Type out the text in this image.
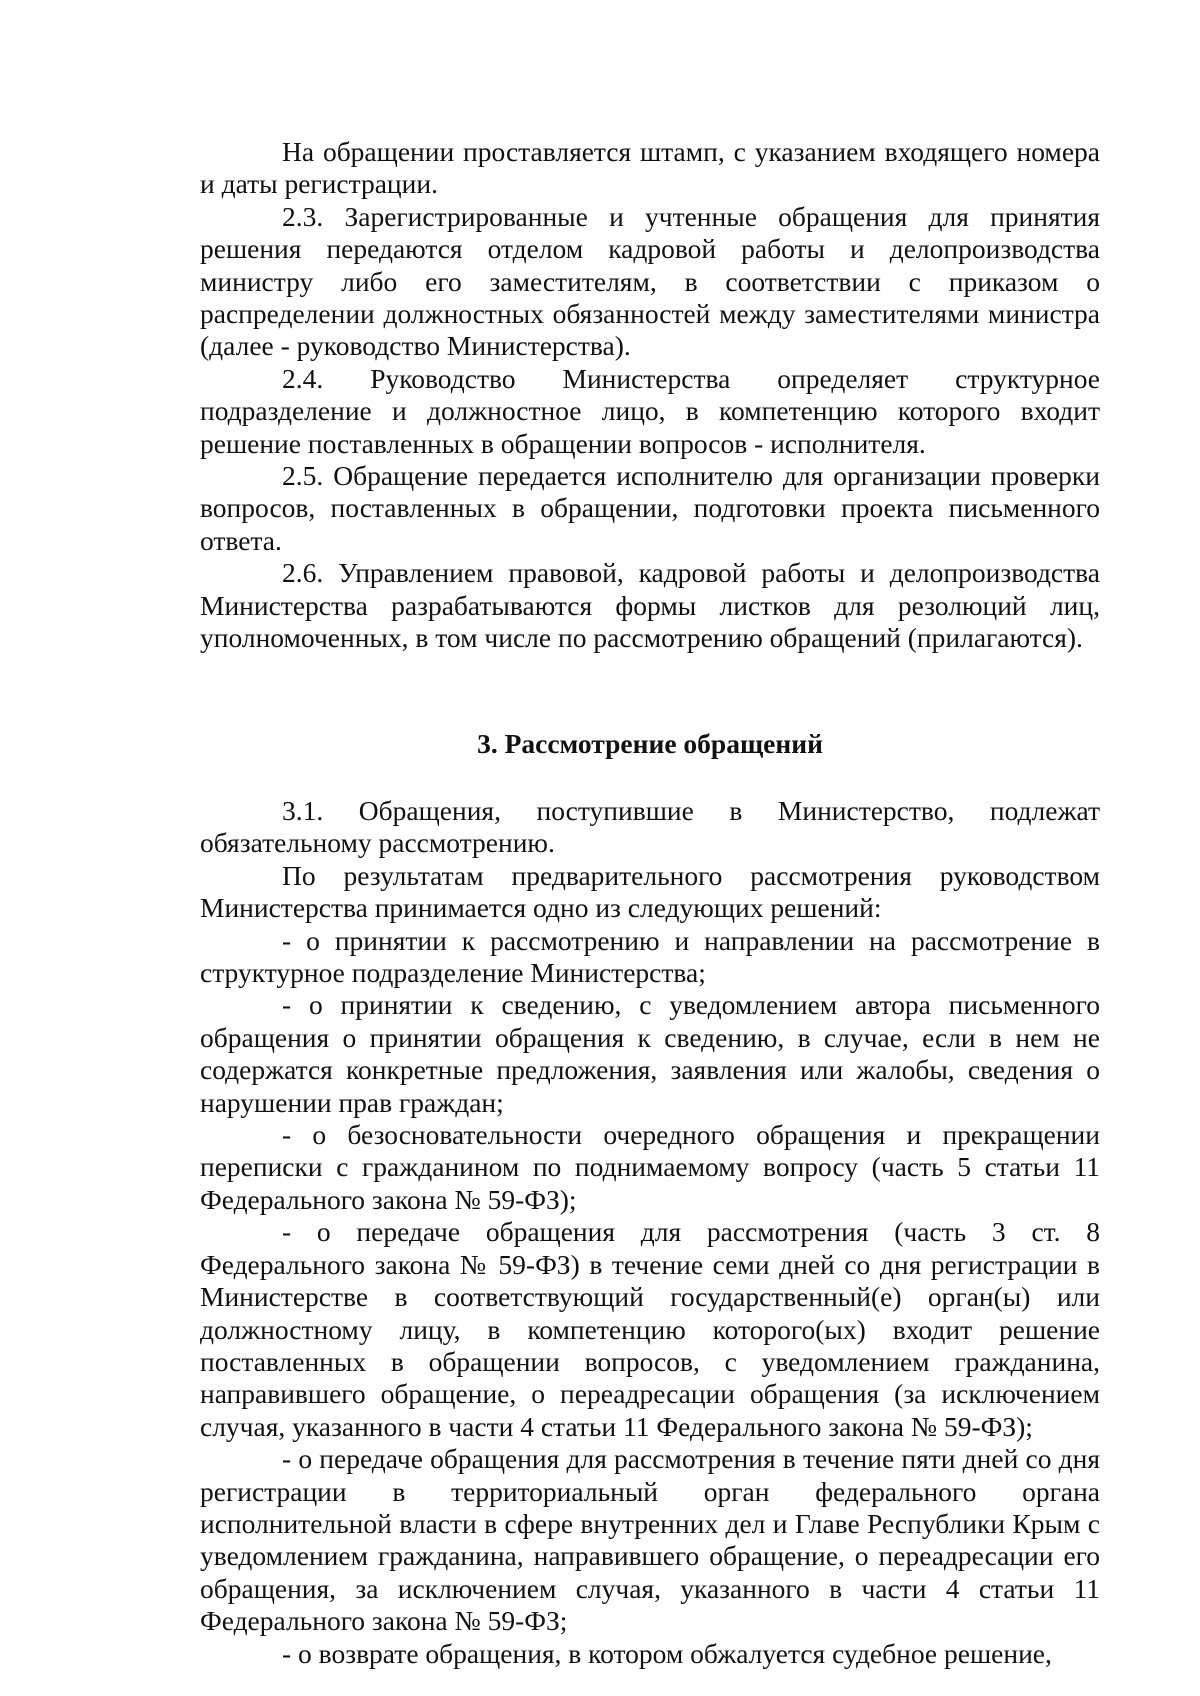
На обращении проставляется штамп, с указанием входящего номера и даты регистрации.

2.3. Зарегистрированные и учтенные обращения для принятия решения передаются отделом кадровой работы и делопроизводства министру либо его заместителям, в соответствии с приказом о распределении должностных обязанностей между заместителями министра (далее - руководство Министерства).

2.4. Руководство Министерства определяет структурное подразделение и должностное лицо, в компетенцию которого входит решение поставленных в обращении вопросов - исполнителя.

2.5. Обращение передается исполнителю для организации проверки вопросов, поставленных в обращении, подготовки проекта письменного ответа.

2.6. Управлением правовой, кадровой работы и делопроизводства Министерства разрабатываются формы листков для резолюций лиц, уполномоченных, в том числе по рассмотрению обращений (прилагаются).

3. Рассмотрение обращений

3.1. Обращения, поступившие в Министерство, подлежат обязательному рассмотрению.

По результатам предварительного рассмотрения руководством Министерства принимается одно из следующих решений:

- о принятии к рассмотрению и направлении на рассмотрение в структурное подразделение Министерства;

- о принятии к сведению, с уведомлением автора письменного обращения о принятии обращения к сведению, в случае, если в нем не содержатся конкретные предложения, заявления или жалобы, сведения о нарушении прав граждан;

- о безосновательности очередного обращения и прекращении переписки с гражданином по поднимаемому вопросу (часть 5 статьи 11 Федерального закона № 59-ФЗ);

- о передаче обращения для рассмотрения (часть 3 ст. 8 Федерального закона № 59-ФЗ) в течение семи дней со дня регистрации в Министерстве в соответствующий государственный(е) орган(ы) или должностному лицу, в компетенцию которого(ых) входит решение поставленных в обращении вопросов, с уведомлением гражданина, направившего обращение, о переадресации обращения (за исключением случая, указанного в части 4 статьи 11 Федерального закона № 59-ФЗ);

- о передаче обращения для рассмотрения в течение пяти дней со дня регистрации в территориальный орган федерального органа исполнительной власти в сфере внутренних дел и Главе Республики Крым с уведомлением гражданина, направившего обращение, о переадресации его обращения, за исключением случая, указанного в части 4 статьи 11 Федерального закона № 59-ФЗ;

- о возврате обращения, в котором обжалуется судебное решение,
